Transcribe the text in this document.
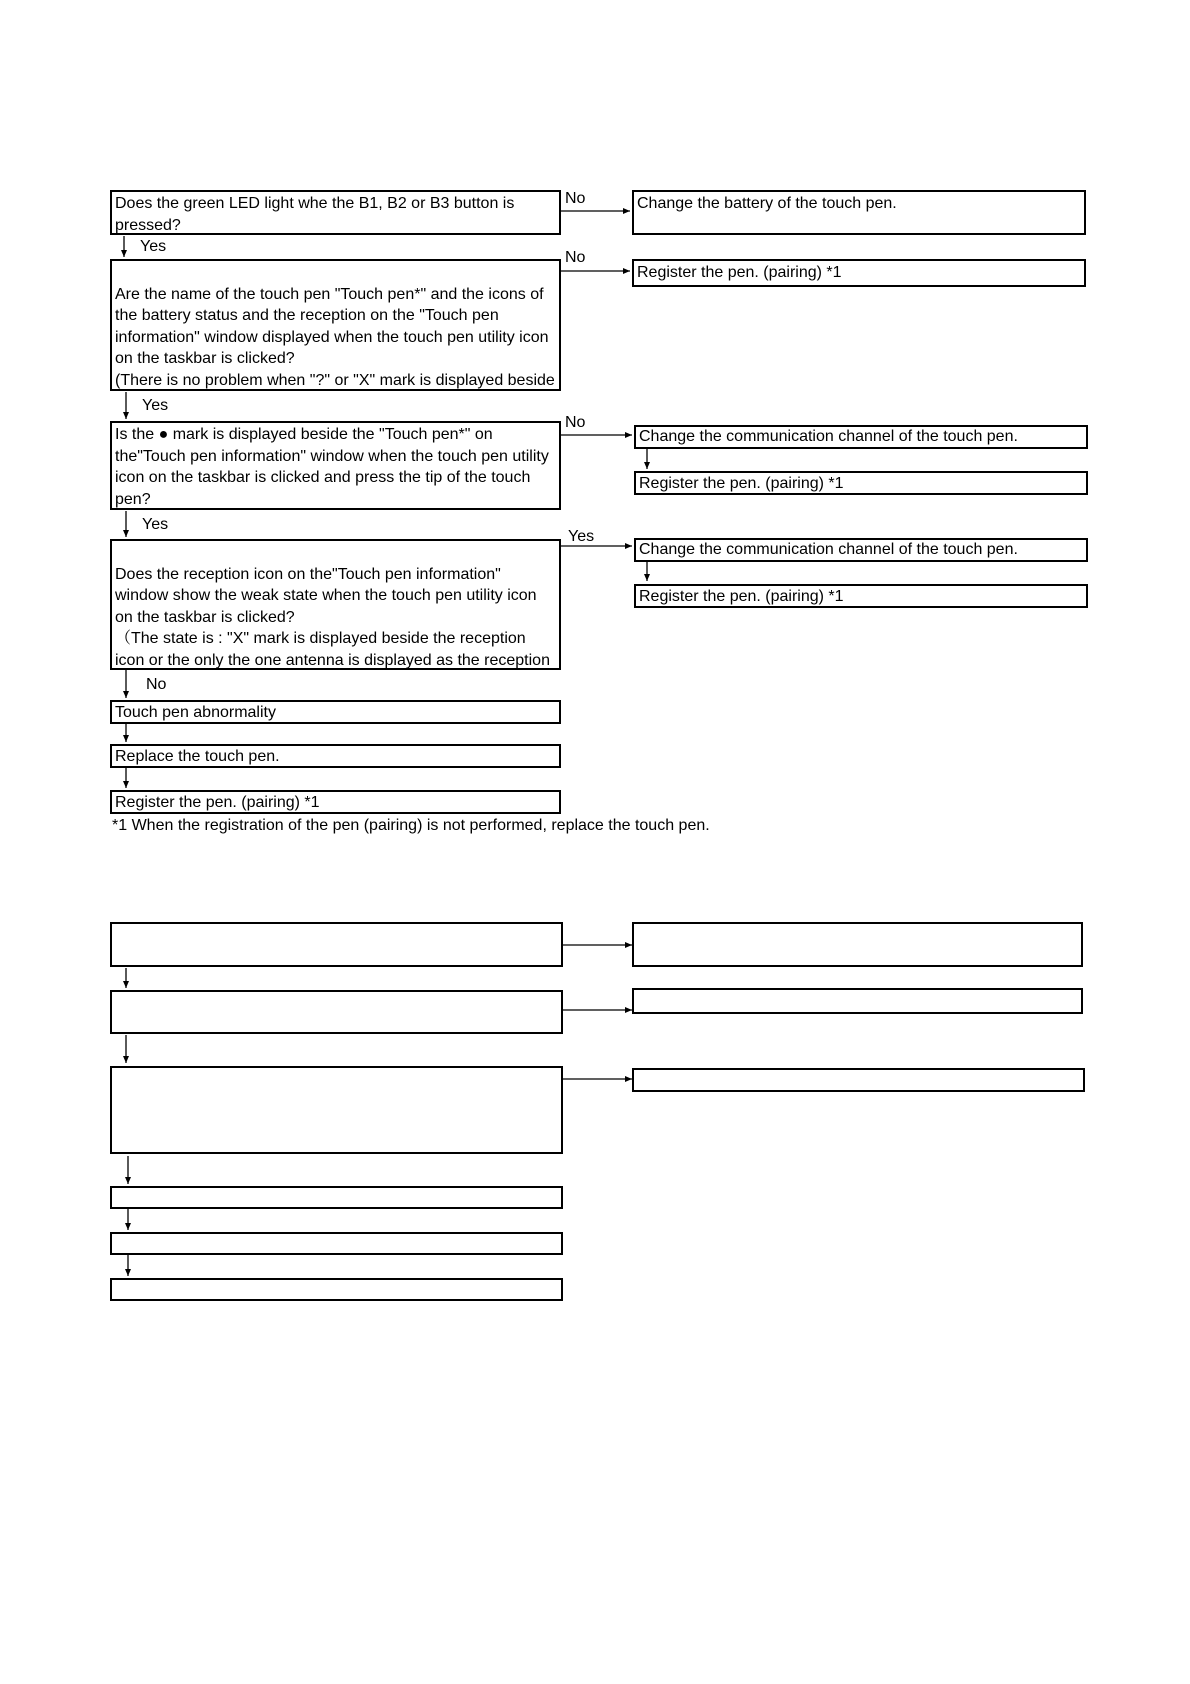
Does the green LED light whe the B1, B2 or B3 button is pressed?
No
Yes
Change the battery of the touch pen.

Are the name of the touch pen "Touch pen*" and the icons of the battery status and the reception on the "Touch pen information" window displayed when the touch pen utility icon on the taskbar is clicked?
(There is no problem when "?" or "X" mark is displayed beside

No
Yes
Register the pen. (pairing) *1
Is the ● mark is displayed beside the "Touch pen*" on the"Touch pen information" window when the touch pen utility icon on the taskbar is clicked and press the tip of the touch pen?
No
Yes
Change the communication channel of the touch pen.
Register the pen. (pairing) *1

Does the reception icon on the"Touch pen information" window show the weak state when the touch pen utility icon on the taskbar is clicked?
（The state is : "X" mark is displayed beside the reception icon or the only the one antenna is displayed as the reception

Yes
No
Change the communication channel of the touch pen.
Register the pen. (pairing) *1
Touch pen abnormality
Replace the touch pen.
Register the pen. (pairing) *1
*1 When the registration of the pen (pairing) is not performed, replace the touch pen.
